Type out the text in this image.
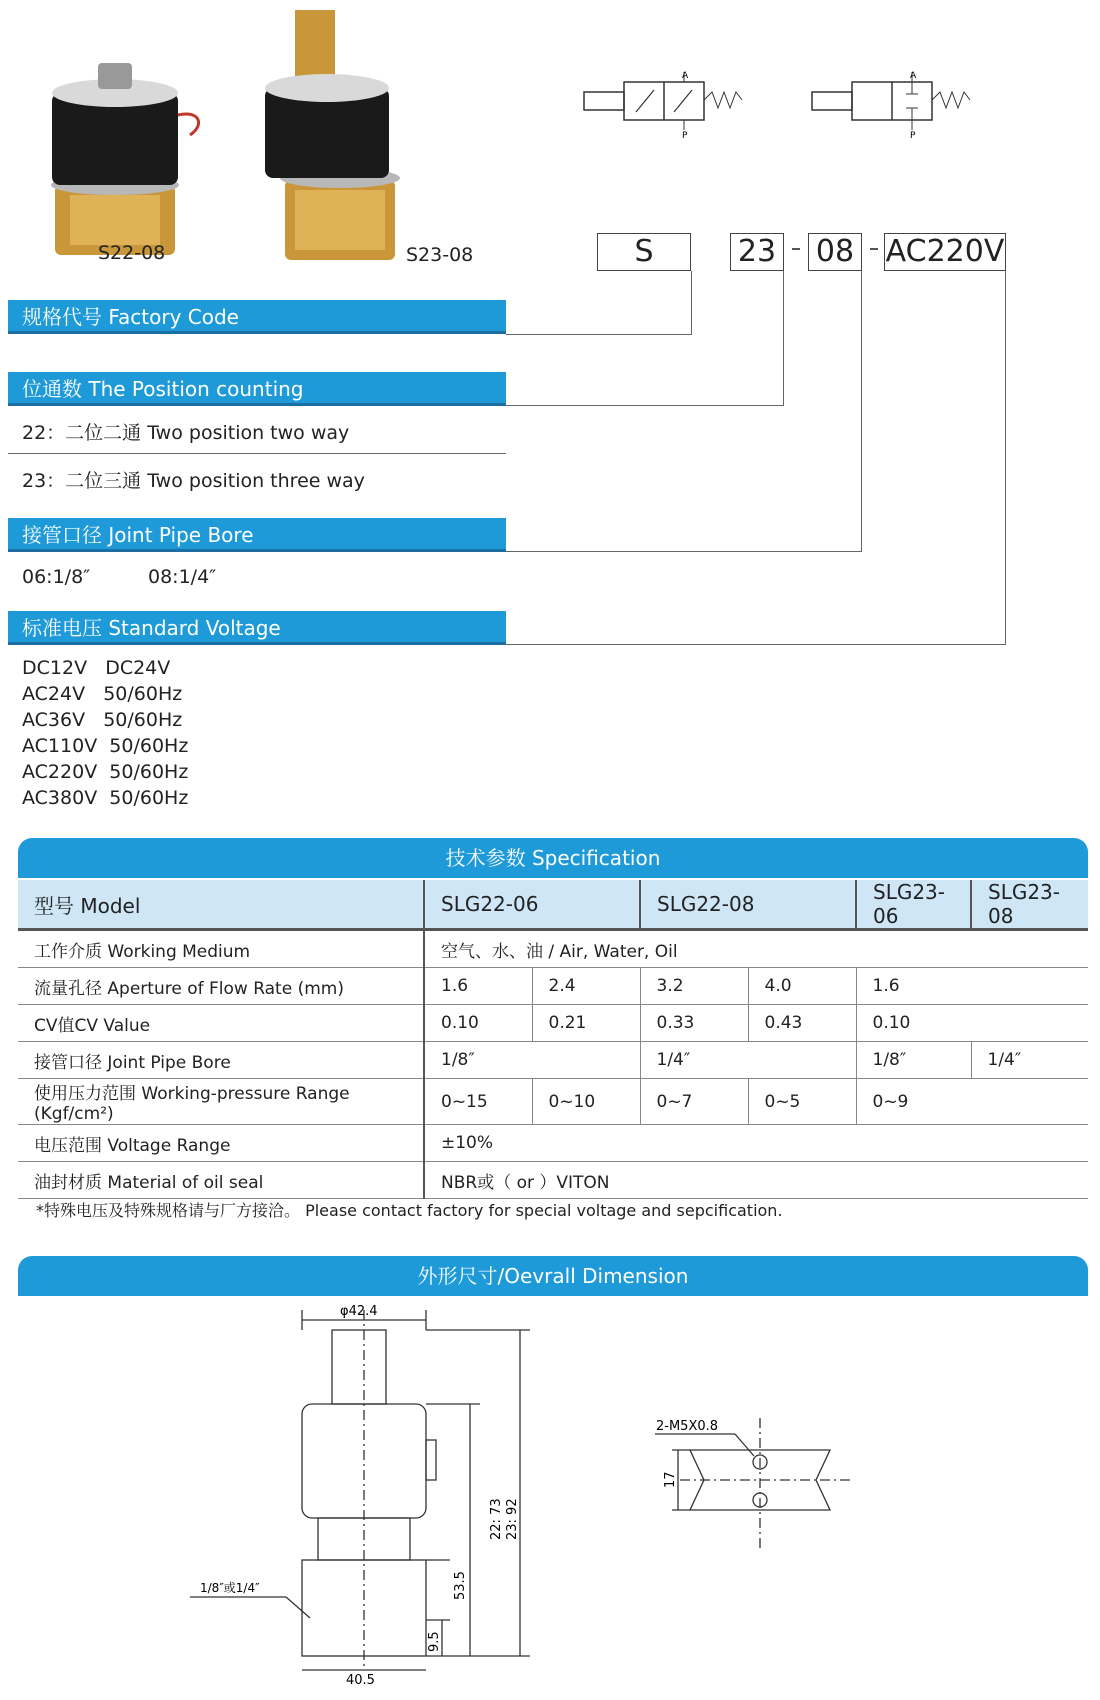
S22-08	S23-08
A
P
A
P
S	23 08 AC220V
规格代号 Factory Code
位通数 The Position counting
22：二位二通 Two position two way
23：二位三通 Two position three way
接管口径 Joint Pipe Bore
06:1/8″	08:1/4″
标准电压 Standard Voltage
DC12V   DC24V
AC24V   50/60Hz
AC36V   50/60Hz
AC110V  50/60Hz
AC220V  50/60Hz
AC380V  50/60Hz
技术参数 Specification
型号 Model	SLG22-06		SLG22-08		SLG23-06	SLG23-08
工作介质 Working Medium	空气、水、油 / Air, Water, Oil					
流量孔径 Aperture of Flow Rate (mm)	1.6	2.4	3.2	4.0	1.6	
CV值CV Value	0.10	0.21	0.33	0.43	0.10	
接管口径 Joint Pipe Bore	1/8″		1/4″		1/8″	1/4″
使用压力范围 Working-pressure Range (Kgf/cm²)	0~15	0~10	0~7	0~5	0~9	
电压范围 Voltage Range	±10%					
油封材质 Material of oil seal	NBR或（ or ）VITON					
*特殊电压及特殊规格请与厂方接洽。 Please contact factory for special voltage and sepcification.
外形尺寸/Oevrall Dimension
φ42.4
40.5
1/8″或1/4″
22: 73 23: 92
53.5
9.5
2-M5X0.8
17
